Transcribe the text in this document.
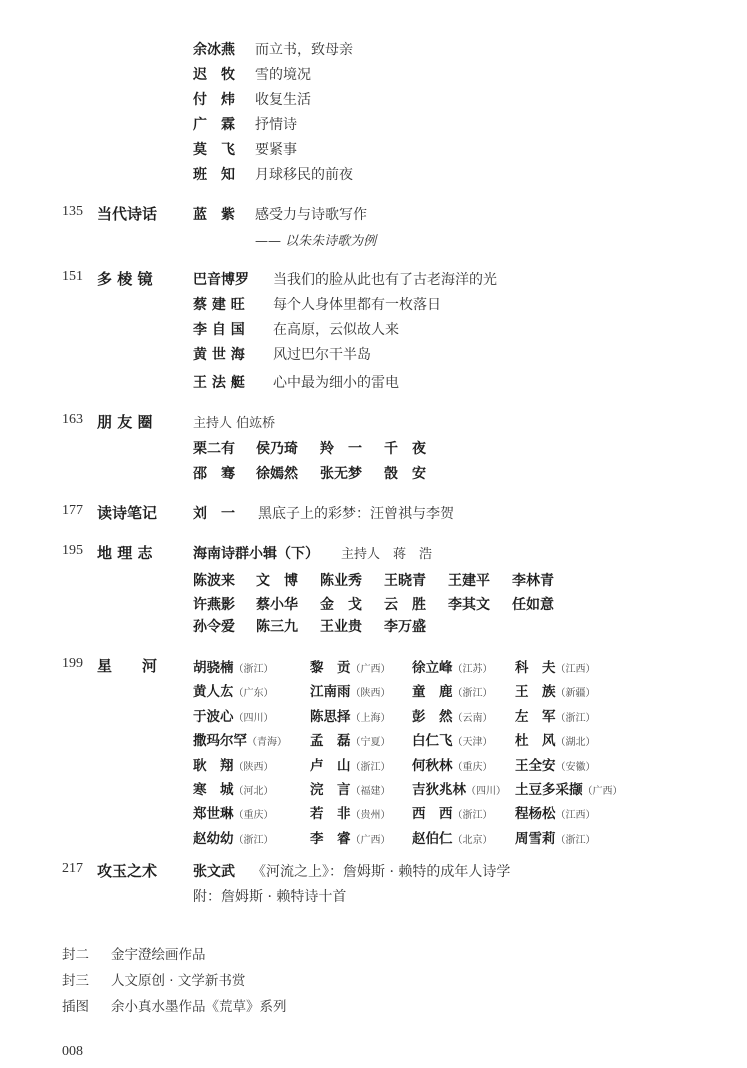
余冰燕 而立书，致母亲
迟　牧 雪的境况
付　炜 收复生活
广　霖 抒情诗
莫　飞 要紧事
班　知 月球移民的前夜
135 当代诗话	蓝　紫 感受力与诗歌写作
—— 以朱朱诗歌为例
151 多 棱 镜	巴音博罗 当我们的脸从此也有了古老海洋的光
蔡 建 旺 每个人身体里都有一枚落日
李 自 国 在高原，云似故人来
黄 世 海 风过巴尔干半岛
王 法 艇 心中最为细小的雷电
163 朋 友 圈	主持人 伯竑桥
栗二有 侯乃琦 羚　一 千　夜
邵　骞 徐嫣然 张无梦 嗀　安
177 读诗笔记	刘　一 黑底子上的彩梦：汪曾祺与李贺
195 地 理 志	海南诗群小辑（下） 主持人　蒋　浩
陈波来 文　博 陈业秀 王晓青 王建平 李林青
许燕影 蔡小华 金　戈 云　胜 李其文 任如意
孙令爱 陈三九 王业贵 李万盛
199 星　　河	胡骁楠（浙江）	黎　贡（广西） 徐立峰（江苏） 科　夫（江西）
黄人厷（广东）	江南雨（陕西） 童　鹿（浙江） 王　族（新疆）
于波心（四川）	陈思择（上海） 彭　然（云南） 左　军（浙江）
撒玛尔罕（青海） 孟　磊（宁夏） 白仁飞（天津） 杜　风（湖北）
耿　翔（陕西）	卢　山（浙江） 何秋林（重庆） 王全安（安徽）
寒　城（河北）	浣　言（福建） 吉狄兆林（四川） 土豆多采撷（广西）
郑世琳（重庆）	若　非（贵州） 西　西（浙江） 程杨松（江西）
赵幼幼（浙江）	李　睿（广西） 赵伯仁（北京） 周雪莉（浙江）
217 攻玉之术	张文武 《河流之上》：詹姆斯 · 赖特的成年人诗学
附：詹姆斯 · 赖特诗十首
封二 金宇澄绘画作品
封三 人文原创 · 文学新书赏
插图 余小真水墨作品《荒草》系列
008
